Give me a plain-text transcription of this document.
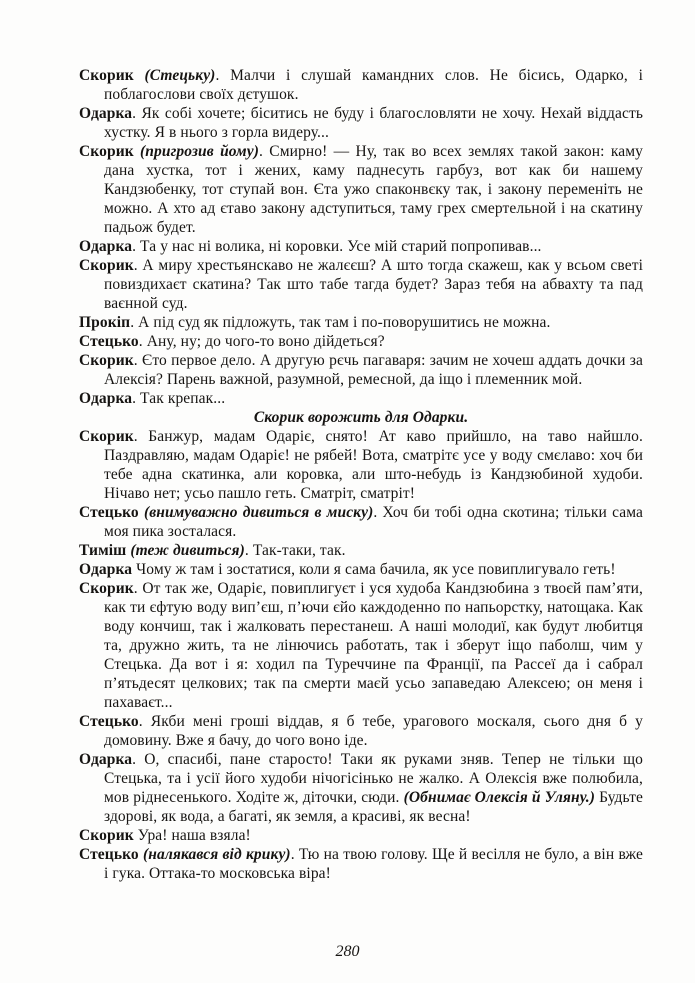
Скорик (Стецьку). Малчи і слушай камандних слов. Не бісись, Одарко, і поблагослови своїх дєтушок.
Одарка. Як собі хочете; біситись не буду і благословляти не хочу. Нехай віддасть хустку. Я в нього з горла видеру...
Скорик (пригрозив йому). Смирно! — Ну, так во всех землях такой закон: каму дана хустка, тот і жених, каму паднесуть гарбуз, вот как би нашему Кандзюбенку, тот ступай вон. Єта ужо спаконвєку так, і закону переменіть не можно. А хто ад єтаво закону адступиться, таму грех смертельной і на скатину падьож будет.
Одарка. Та у нас ні волика, ні коровки. Усе мій старий попропивав...
Скорик. А миру хрестьянскаво не жалєєш? А што тогда скажеш, как у всьом светі повиздихаєт скатина? Так што табе тагда будет? Зараз тебя на абвахту та пад ваєнной суд.
Прокіп. А під суд як підложуть, так там і по-поворушитись не можна.
Стецько. Ану, ну; до чого-то воно дійдеться?
Скорик. Єто первое дело. А другую рєчь пагаваря: зачим не хочеш аддать дочки за Алексія? Парень важной, разумной, ремесной, да іщо і племенник мой.
Одарка. Так крепак...
Скорик ворожить для Одарки.
Скорик. Банжур, мадам Одаріє, снято! Ат каво прийшло, на таво найшло. Паздравляю, мадам Одаріє! не рябей! Вота, сматрітє усе у воду смєлаво: хоч би тебе адна скатинка, али коровка, али што-небудь із Кандзюбиной худоби. Нічаво нет; усьо пашло геть. Сматріт, сматріт!
Стецько (внимуважно дивиться в миску). Хоч би тобі одна скотина; тільки сама моя пика зосталася.
Тиміш (теж дивиться). Так-таки, так.
Одарка Чому ж там і зостатися, коли я сама бачила, як усе повиплигувало геть!
Скорик. От так же, Одаріє, повиплигуєт і уся худоба Кандзюбина з твоєй пам’яти, как ти єфтую воду вип’єш, п’ючи єйо каждоденно по напьорстку, натощака. Как воду кончиш, так і жалковать перестанеш. А наші молодиї, как будут любитця та, дружно жить, та не лінючись работать, так і зберут іщо паболш, чим у Стецька. Да вот і я: ходил па Туреччине па Франції, па Рассеї да і сабрал п’ятьдесят целкових; так па смерти маєй усьо запаведаю Алексею; он меня і пахаваєт...
Стецько. Якби мені гроші віддав, я б тебе, урагового москаля, сього дня б у домовину. Вже я бачу, до чого воно іде.
Одарка. О, спасибі, пане старосто! Таки як руками зняв. Тепер не тільки що Стецька, та і усії його худоби нічогісінько не жалко. А Олексія вже полюбила, мов ріднесенького. Ходіте ж, діточки, сюди. (Обнимає Олексія й Уляну.) Будьте здорові, як вода, а багаті, як земля, а красиві, як весна!
Скорик Ура! наша взяла!
Стецько (налякався від крику). Тю на твою голову. Ще й весілля не було, а він вже і гука. Оттака-то московська віра!
280
